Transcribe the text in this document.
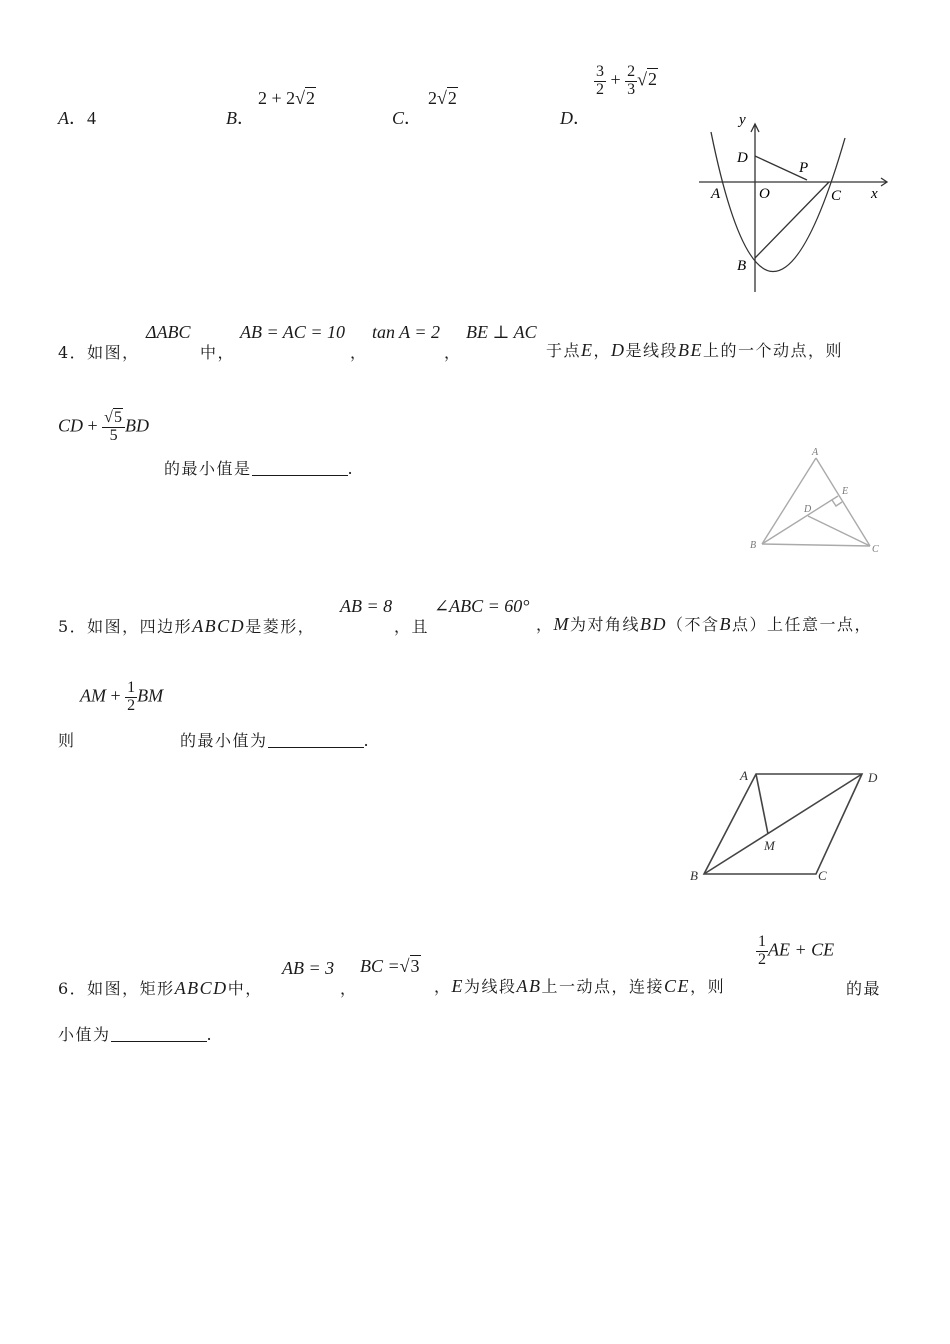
A．4	B．
2 + 2√2
C．
2√2
D．
$\frac{3}{2} + \frac{2}{3} √2$
y
D
P
A	O	C x
B
4．如图，
ΔABC
中，
AB = AC = 10
，
tan A = 2
，
BE ⊥ AC
于点E，D是线段BE上的一个动点，则
CD + $\frac{√5}{5}$ BD
的最小值是	.
A
E
D
B	C
5．如图，四边形ABCD是菱形，
AB = 8
，且
∠ABC = 60°
，M为对角线BD（不含B点）上任意一点，
AM + $\frac{1}{2}$ BM
则	的最小值为	.
A	D
M
B	C
6．如图，矩形ABCD中，
AB = 3
，
BC =√3
，E为线段AB上一动点，连接CE，则
$\frac{1}{2}$ AE + CE
的最
小值为	.
